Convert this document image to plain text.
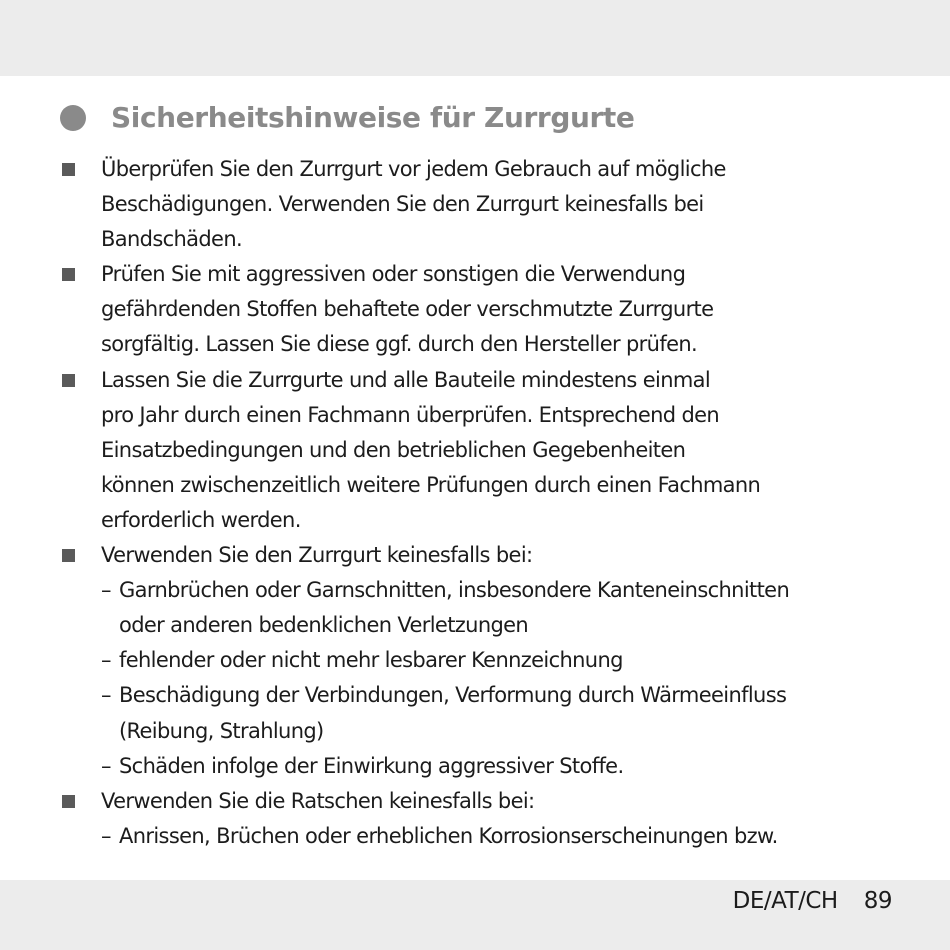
Sicherheitshinweise für Zurrgurte
Überprüfen Sie den Zurrgurt vor jedem Gebrauch auf mögliche
Beschädigungen. Verwenden Sie den Zurrgurt keinesfalls bei
Bandschäden.
Prüfen Sie mit aggressiven oder sonstigen die Verwendung
gefährdenden Stoffen behaftete oder verschmutzte Zurrgurte
sorgfältig. Lassen Sie diese ggf. durch den Hersteller prüfen.
Lassen Sie die Zurrgurte und alle Bauteile mindestens einmal
pro Jahr durch einen Fachmann überprüfen. Entsprechend den
Einsatzbedingungen und den betrieblichen Gegebenheiten
können zwischenzeitlich weitere Prüfungen durch einen Fachmann
erforderlich werden.
Verwenden Sie den Zurrgurt keinesfalls bei:
– Garnbrüchen oder Garnschnitten, insbesondere Kanteneinschnitten
oder anderen bedenklichen Verletzungen
– fehlender oder nicht mehr lesbarer Kennzeichnung
– Beschädigung der Verbindungen, Verformung durch Wärmeeinfluss
(Reibung, Strahlung)
– Schäden infolge der Einwirkung aggressiver Stoffe.
Verwenden Sie die Ratschen keinesfalls bei:
– Anrissen, Brüchen oder erheblichen Korrosionserscheinungen bzw.
DE/AT/CH 89
